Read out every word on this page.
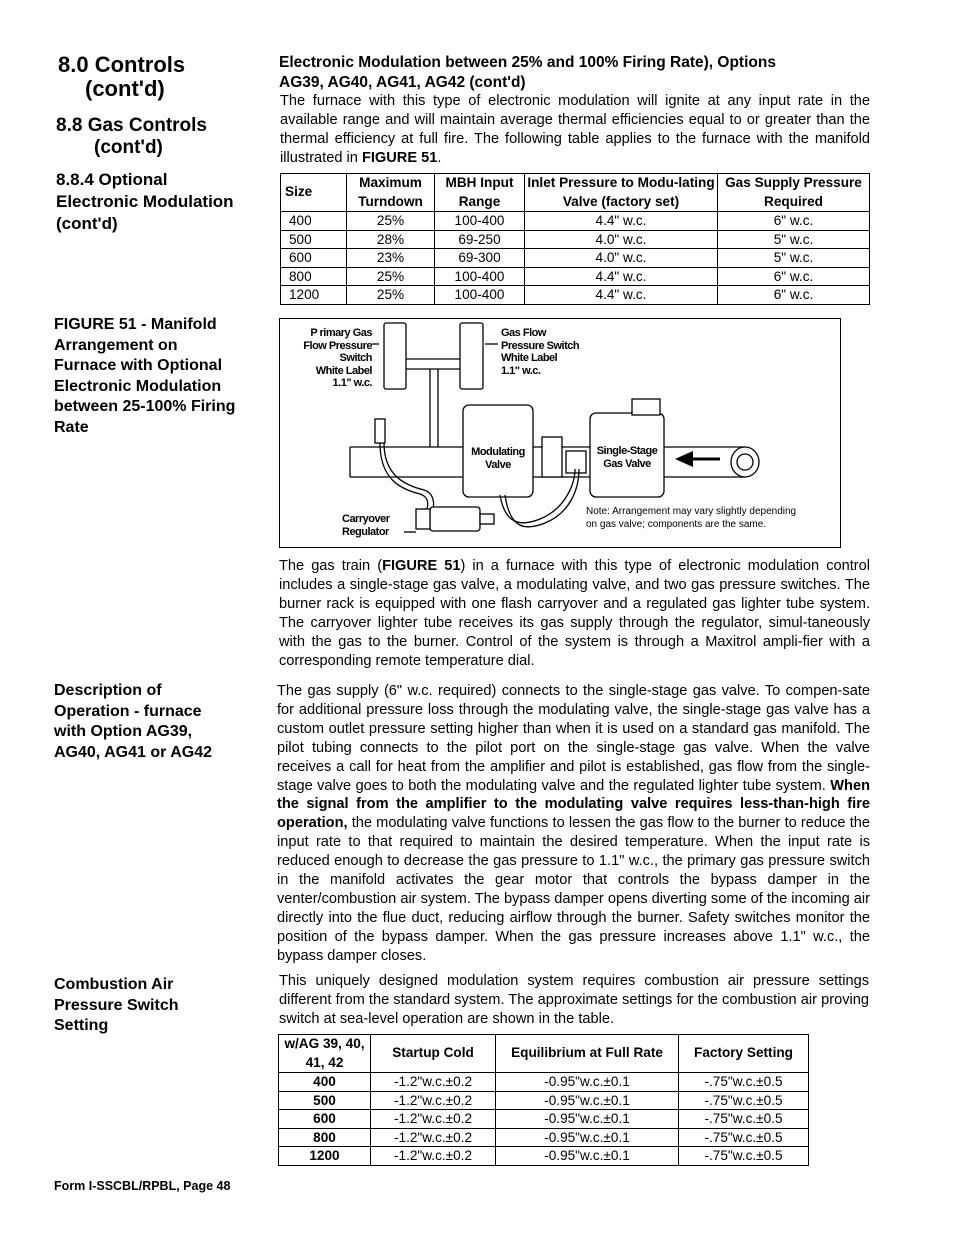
8.0 Controls
(cont'd)
8.8 Gas Controls
(cont'd)
8.8.4 Optional
Electronic Modulation
(cont'd)
FIGURE 51 - Manifold
Arrangement on
Furnace with Optional
Electronic Modulation
between 25-100% Firing
Rate
Description of
Operation - furnace
with Option AG39,
AG40, AG41 or AG42
Combustion Air
Pressure Switch
Setting
Electronic Modulation between 25% and 100% Firing Rate), Options
AG39, AG40, AG41, AG42 (cont'd)
The furnace with this type of electronic modulation will ignite at any input rate in the available range and will maintain average thermal efficiencies equal to or greater than the thermal efficiency at full fire. The following table applies to the furnace with the manifold illustrated in FIGURE 51.
Size	Maximum Turndown	MBH Input Range	Inlet Pressure to Modu-lating Valve (factory set)	Gas Supply Pressure Required
400	25%	100-400	4.4" w.c.	6" w.c.
500	28%	69-250	4.0" w.c.	5" w.c.
600	23%	69-300	4.0" w.c.	5" w.c.
800	25%	100-400	4.4" w.c.	6" w.c.
1200	25%	100-400	4.4" w.c.	6" w.c.
P rimary Gas
Flow Pressure
Switch
White Label
1.1" w.c.
Gas Flow
Pressure Switch
White Label
1.1" w.c.
Modulating
Valve
Single-Stage
Gas Valve
Carryover
Regulator
Note: Arrangement may vary slightly depending
on gas valve; components are the same.
The gas train (FIGURE 51) in a furnace with this type of electronic modulation control includes a single-stage gas valve, a modulating valve, and two gas pressure switches. The burner rack is equipped with one flash carryover and a regulated gas lighter tube system. The carryover lighter tube receives its gas supply through the regulator, simul-taneously with the gas to the burner. Control of the system is through a Maxitrol ampli-fier with a corresponding remote temperature dial.
The gas supply (6" w.c. required) connects to the single-stage gas valve. To compen-sate for additional pressure loss through the modulating valve, the single-stage gas valve has a custom outlet pressure setting higher than when it is used on a standard gas manifold. The pilot tubing connects to the pilot port on the single-stage gas valve. When the valve receives a call for heat from the amplifier and pilot is established, gas flow from the single-stage valve goes to both the modulating valve and the regulated lighter tube system. When the signal from the amplifier to the modulating valve requires less-than-high fire operation, the modulating valve functions to lessen the gas flow to the burner to reduce the input rate to that required to maintain the desired temperature. When the input rate is reduced enough to decrease the gas pressure to 1.1" w.c., the primary gas pressure switch in the manifold activates the gear motor that controls the bypass damper in the venter/combustion air system. The bypass damper opens diverting some of the incoming air directly into the flue duct, reducing airflow through the burner. Safety switches monitor the position of the bypass damper. When the gas pressure increases above 1.1" w.c., the bypass damper closes.
This uniquely designed modulation system requires combustion air pressure settings different from the standard system. The approximate settings for the combustion air proving switch at sea-level operation are shown in the table.
w/AG 39, 40, 41, 42	Startup Cold	Equilibrium at Full Rate	Factory Setting
400	-1.2"w.c.±0.2	-0.95"w.c.±0.1	-.75"w.c.±0.5
500	-1.2"w.c.±0.2	-0.95"w.c.±0.1	-.75"w.c.±0.5
600	-1.2"w.c.±0.2	-0.95"w.c.±0.1	-.75"w.c.±0.5
800	-1.2"w.c.±0.2	-0.95"w.c.±0.1	-.75"w.c.±0.5
1200	-1.2"w.c.±0.2	-0.95"w.c.±0.1	-.75"w.c.±0.5
Form I-SSCBL/RPBL, Page 48
